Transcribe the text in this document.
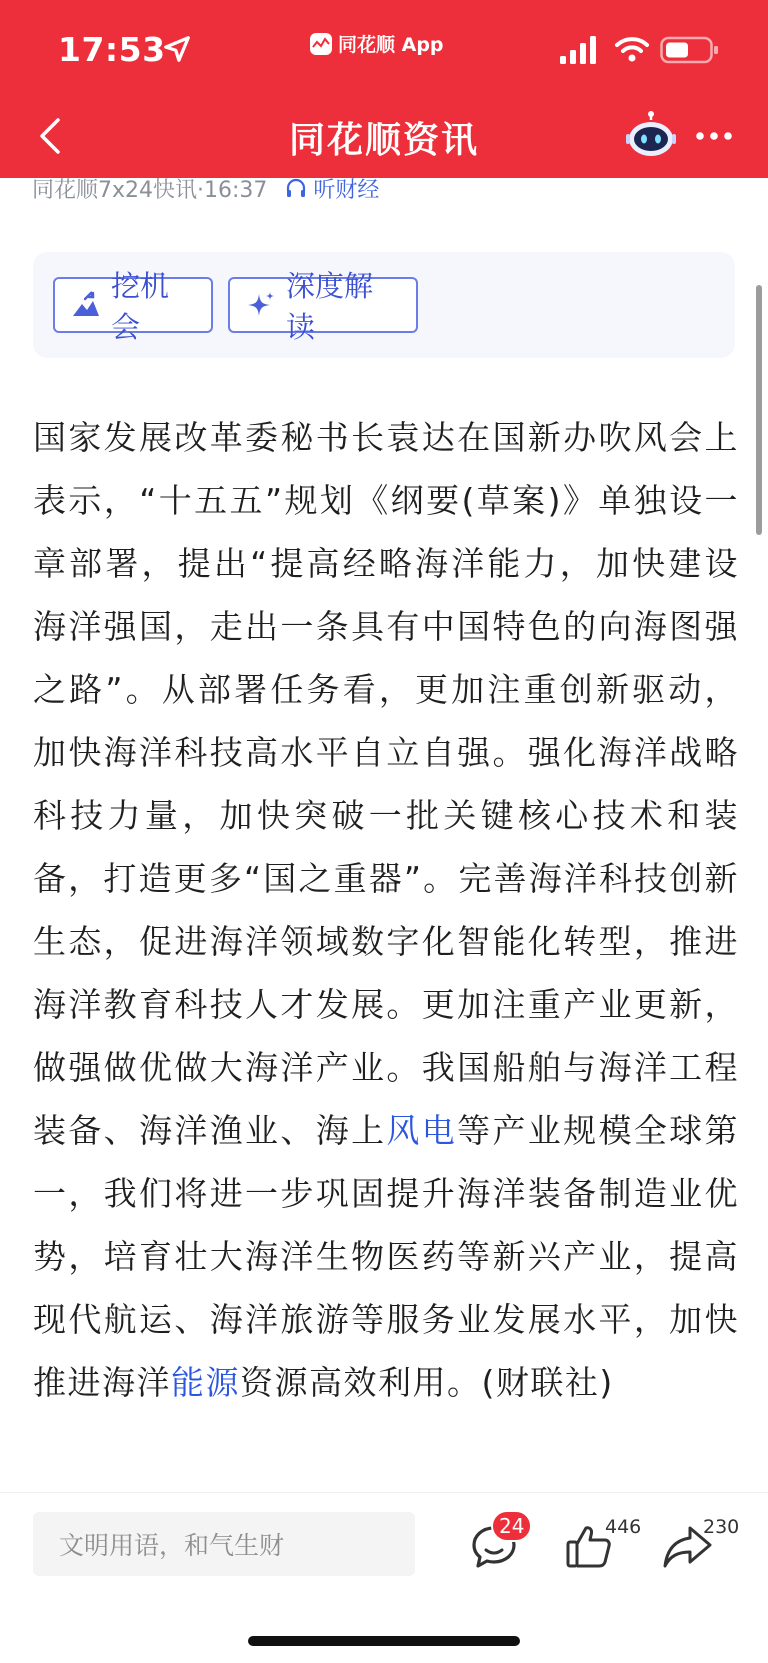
17:53	同花顺 App
同花顺资讯
同花顺7x24快讯·16:37 听财经
挖机会
深度解读
国家发展改革委秘书长袁达在国新办吹风会上表示，“十五五”规划《纲要(草案)》单独设一章部署，提出“提高经略海洋能力，加快建设海洋强国，走出一条具有中国特色的向海图强之路”。从部署任务看，更加注重创新驱动，加快海洋科技高水平自立自强。强化海洋战略科技力量，加快突破一批关键核心技术和装备，打造更多“国之重器”。完善海洋科技创新生态，促进海洋领域数字化智能化转型，推进海洋教育科技人才发展。更加注重产业更新，做强做优做大海洋产业。我国船舶与海洋工程装备、海洋渔业、海上风电等产业规模全球第一，我们将进一步巩固提升海洋装备制造业优势，培育壮大海洋生物医药等新兴产业，提高现代航运、海洋旅游等服务业发展水平，加快推进海洋能源资源高效利用。(财联社)
文明用语，和气生财
24	446	230
